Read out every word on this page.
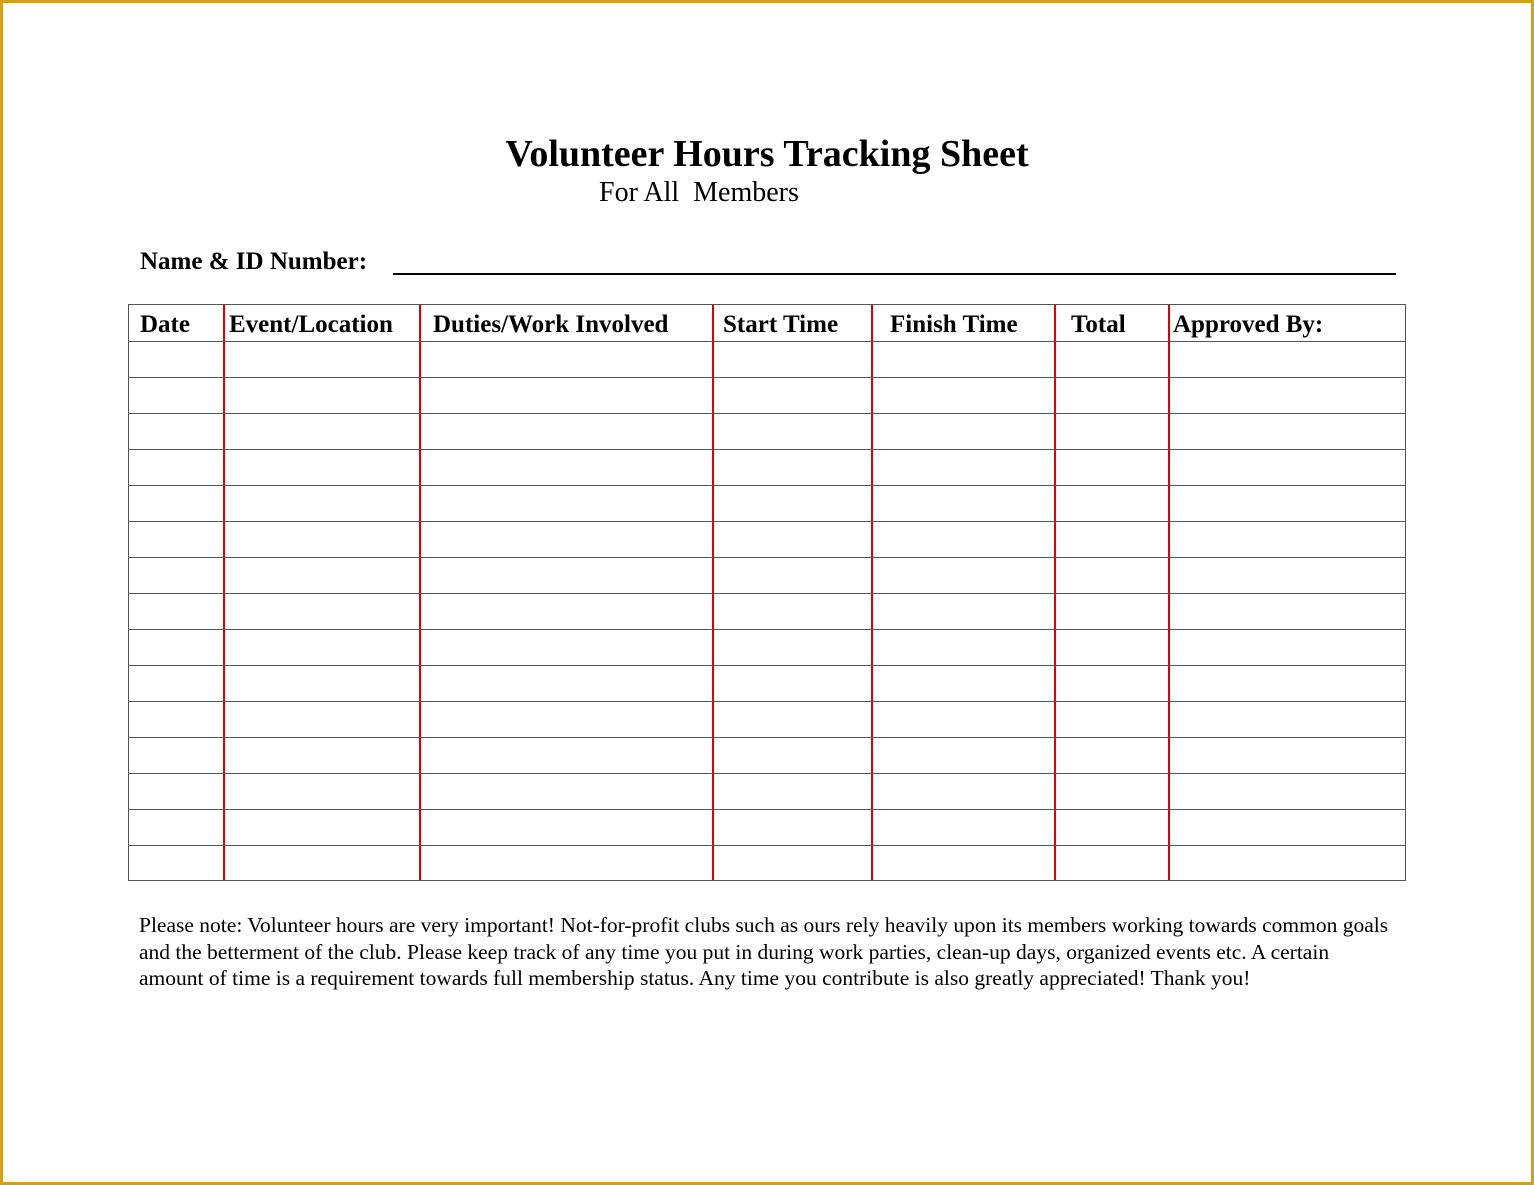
Volunteer Hours Tracking Sheet
For All  Members
Name & ID Number:
Date Event/Location Duties/Work Involved Start Time Finish Time Total Approved By:
Please note: Volunteer hours are very important! Not-for-profit clubs such as ours rely heavily upon its members working towards common goals and the betterment of the club. Please keep track of any time you put in during work parties, clean-up days, organized events etc. A certain amount of time is a requirement towards full membership status. Any time you contribute is also greatly appreciated! Thank you!
